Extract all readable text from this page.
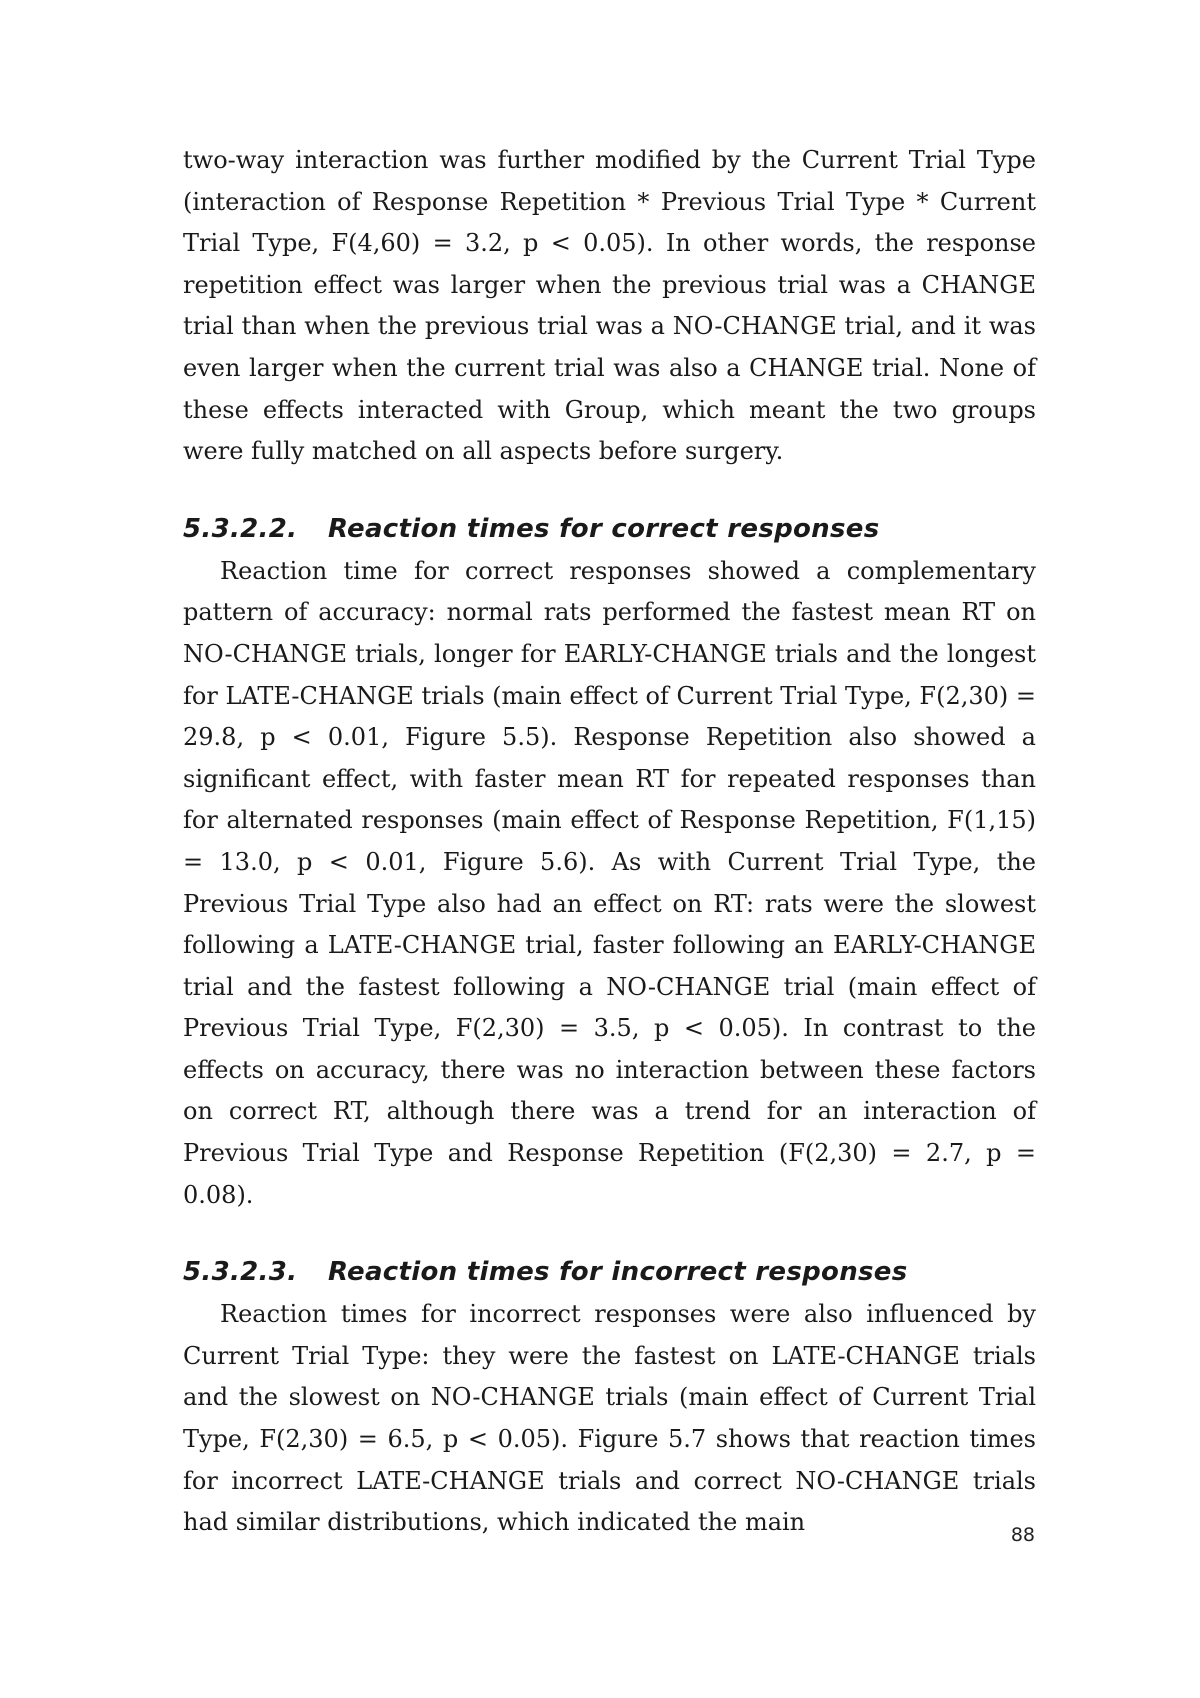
two-way interaction was further modified by the Current Trial Type (interaction of Response Repetition * Previous Trial Type * Current Trial Type, F(4,60) = 3.2, p < 0.05). In other words, the response repetition effect was larger when the previous trial was a CHANGE trial than when the previous trial was a NO-CHANGE trial, and it was even larger when the current trial was also a CHANGE trial. None of these effects interacted with Group, which meant the two groups were fully matched on all aspects before surgery.

5.3.2.2. Reaction times for correct responses

Reaction time for correct responses showed a complementary pattern of accuracy: normal rats performed the fastest mean RT on NO-CHANGE trials, longer for EARLY-CHANGE trials and the longest for LATE-CHANGE trials (main effect of Current Trial Type, F(2,30) = 29.8, p < 0.01, Figure 5.5). Response Repetition also showed a significant effect, with faster mean RT for repeated responses than for alternated responses (main effect of Response Repetition, F(1,15) = 13.0, p < 0.01, Figure 5.6). As with Current Trial Type, the Previous Trial Type also had an effect on RT: rats were the slowest following a LATE-CHANGE trial, faster following an EARLY-CHANGE trial and the fastest following a NO-CHANGE trial (main effect of Previous Trial Type, F(2,30) = 3.5, p < 0.05). In contrast to the effects on accuracy, there was no interaction between these factors on correct RT, although there was a trend for an interaction of Previous Trial Type and Response Repetition (F(2,30) = 2.7, p = 0.08).

5.3.2.3. Reaction times for incorrect responses

Reaction times for incorrect responses were also influenced by Current Trial Type: they were the fastest on LATE-CHANGE trials and the slowest on NO-CHANGE trials (main effect of Current Trial Type, F(2,30) = 6.5, p < 0.05). Figure 5.7 shows that reaction times for incorrect LATE-CHANGE trials and correct NO-CHANGE trials had similar distributions, which indicated the main	88
